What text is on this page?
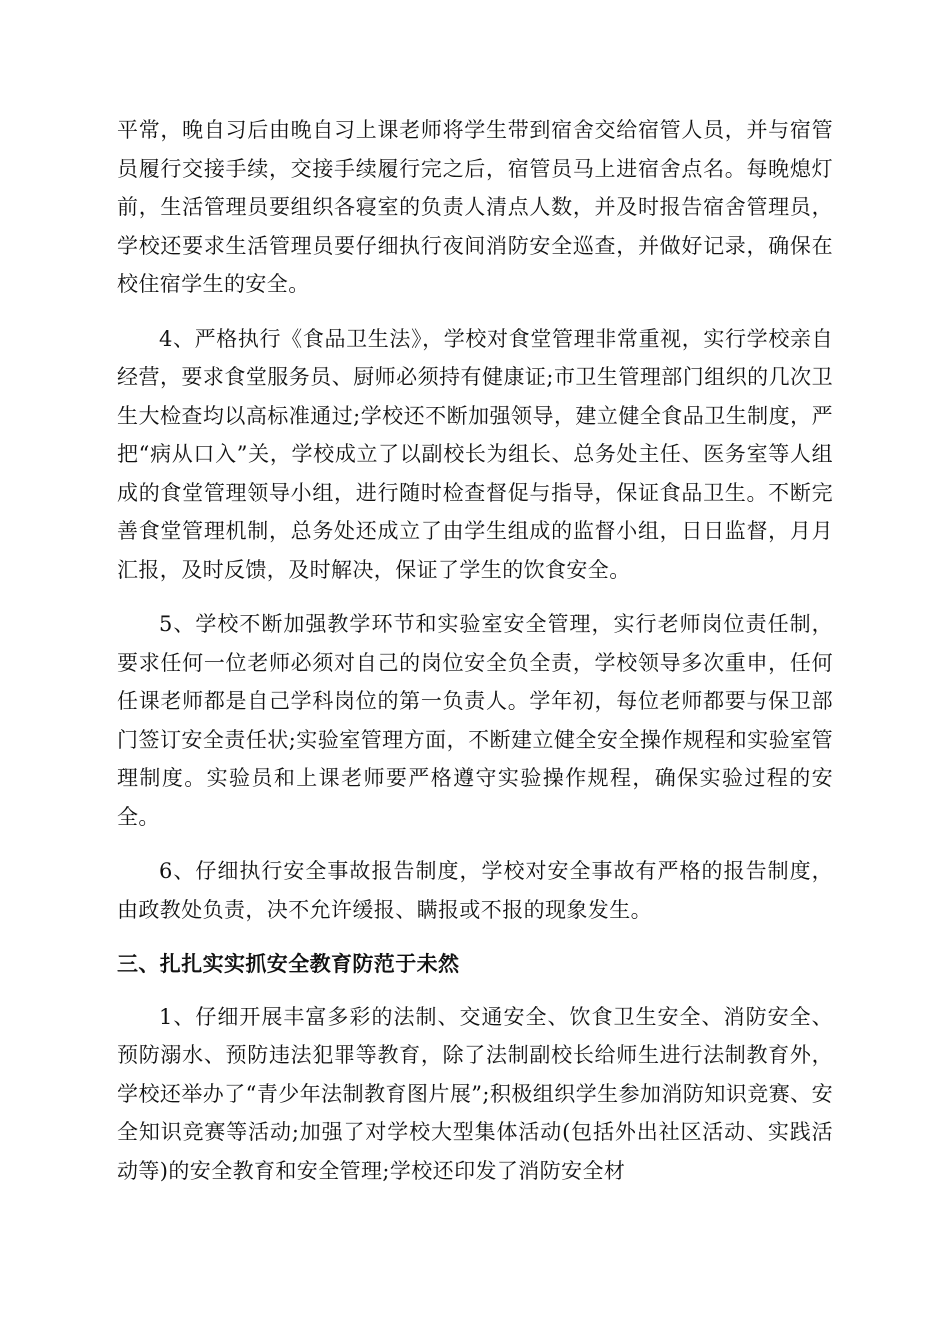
平常，晚自习后由晚自习上课老师将学生带到宿舍交给宿管人员，并与宿管员履行交接手续，交接手续履行完之后，宿管员马上进宿舍点名。每晚熄灯前，生活管理员要组织各寝室的负责人清点人数，并及时报告宿舍管理员，学校还要求生活管理员要仔细执行夜间消防安全巡查，并做好记录，确保在校住宿学生的安全。

4、严格执行《食品卫生法》，学校对食堂管理非常重视，实行学校亲自经营，要求食堂服务员、厨师必须持有健康证;市卫生管理部门组织的几次卫生大检查均以高标准通过;学校还不断加强领导，建立健全食品卫生制度，严把“病从口入”关，学校成立了以副校长为组长、总务处主任、医务室等人组成的食堂管理领导小组，进行随时检查督促与指导，保证食品卫生。不断完善食堂管理机制，总务处还成立了由学生组成的监督小组，日日监督，月月汇报，及时反馈，及时解决，保证了学生的饮食安全。

5、学校不断加强教学环节和实验室安全管理，实行老师岗位责任制，要求任何一位老师必须对自己的岗位安全负全责，学校领导多次重申，任何任课老师都是自己学科岗位的第一负责人。学年初，每位老师都要与保卫部门签订安全责任状;实验室管理方面，不断建立健全安全操作规程和实验室管理制度。实验员和上课老师要严格遵守实验操作规程，确保实验过程的安全。

6、仔细执行安全事故报告制度，学校对安全事故有严格的报告制度，由政教处负责，决不允许缓报、瞒报或不报的现象发生。

三、扎扎实实抓安全教育防范于未然

1、仔细开展丰富多彩的法制、交通安全、饮食卫生安全、消防安全、预防溺水、预防违法犯罪等教育，除了法制副校长给师生进行法制教育外，学校还举办了“青少年法制教育图片展”;积极组织学生参加消防知识竞赛、安全知识竞赛等活动;加强了对学校大型集体活动(包括外出社区活动、实践活动等)的安全教育和安全管理;学校还印发了消防安全材
